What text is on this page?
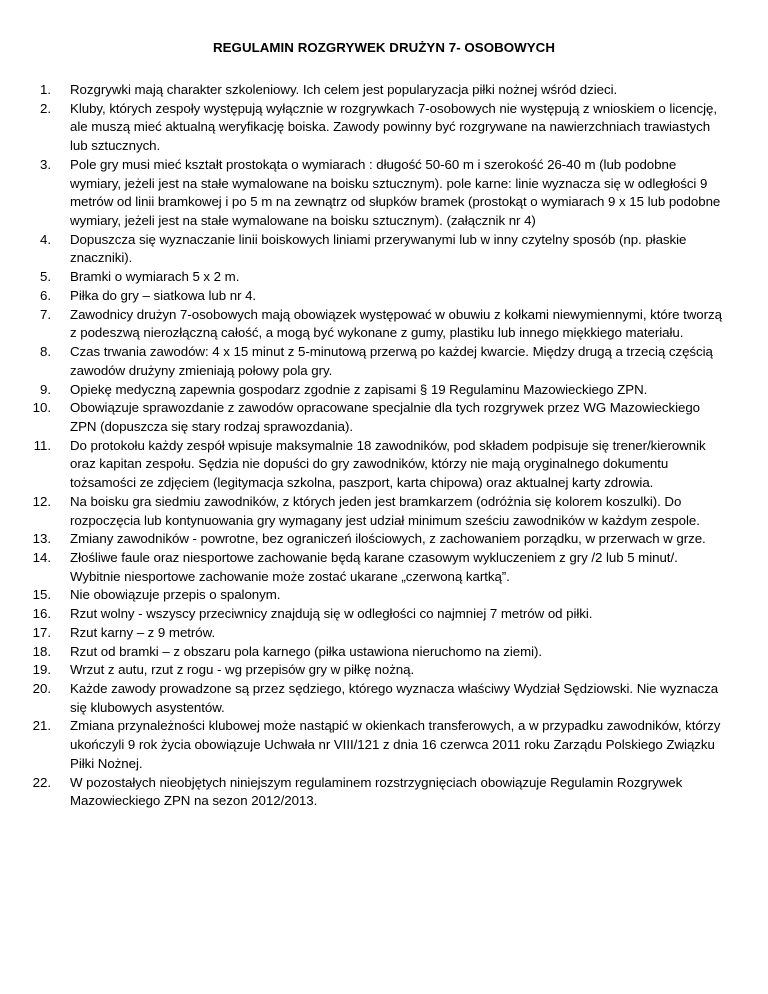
REGULAMIN ROZGRYWEK DRUŻYN 7- OSOBOWYCH
1. Rozgrywki mają charakter szkoleniowy. Ich celem jest popularyzacja piłki nożnej wśród dzieci.
2. Kluby, których zespoły występują wyłącznie w rozgrywkach 7-osobowych nie występują z wnioskiem o licencję, ale muszą mieć aktualną weryfikację boiska. Zawody powinny być rozgrywane na nawierzchniach trawiastych lub sztucznych.
3. Pole gry musi mieć kształt prostokąta o wymiarach : długość 50-60 m i szerokość 26-40 m (lub podobne wymiary, jeżeli jest na stałe wymalowane na boisku sztucznym). pole karne: linie wyznacza się w odległości 9 metrów od linii bramkowej i po 5 m na zewnątrz od słupków bramek (prostokąt o wymiarach 9 x 15 lub podobne wymiary, jeżeli jest na stałe wymalowane na boisku sztucznym). (załącznik nr 4)
4. Dopuszcza się wyznaczanie linii boiskowych liniami przerywanymi lub w inny czytelny sposób (np. płaskie znaczniki).
5. Bramki o wymiarach 5 x 2 m.
6. Piłka do gry – siatkowa lub nr 4.
7. Zawodnicy drużyn 7-osobowych mają obowiązek występować w obuwiu z kołkami niewymiennymi, które tworzą z podeszwą nierozłączną całość, a mogą być wykonane z gumy, plastiku lub innego miękkiego materiału.
8. Czas trwania zawodów: 4 x 15 minut z 5-minutową przerwą po każdej kwarcie. Między drugą a trzecią częścią zawodów drużyny zmieniają połowy pola gry.
9. Opiekę medyczną zapewnia gospodarz zgodnie z zapisami § 19 Regulaminu Mazowieckiego ZPN.
10. Obowiązuje sprawozdanie z zawodów opracowane specjalnie dla tych rozgrywek przez WG Mazowieckiego ZPN (dopuszcza się stary rodzaj sprawozdania).
11. Do protokołu każdy zespół wpisuje maksymalnie 18 zawodników, pod składem podpisuje się trener/kierownik oraz kapitan zespołu. Sędzia nie dopuści do gry zawodników, którzy nie mają oryginalnego dokumentu tożsamości ze zdjęciem (legitymacja szkolna, paszport, karta chipowa) oraz aktualnej karty zdrowia.
12. Na boisku gra siedmiu zawodników, z których jeden jest bramkarzem (odróżnia się kolorem koszulki). Do rozpoczęcia lub kontynuowania gry wymagany jest udział minimum sześciu zawodników w każdym zespole.
13. Zmiany zawodników - powrotne, bez ograniczeń ilościowych, z zachowaniem porządku, w przerwach w grze.
14. Złośliwe faule oraz niesportowe zachowanie będą karane czasowym wykluczeniem z gry /2 lub 5 minut/. Wybitnie niesportowe zachowanie może zostać ukarane „czerwoną kartką”.
15. Nie obowiązuje przepis o spalonym.
16. Rzut wolny - wszyscy przeciwnicy znajdują się w odległości co najmniej 7 metrów od piłki.
17. Rzut karny – z 9 metrów.
18. Rzut od bramki – z obszaru pola karnego (piłka ustawiona nieruchomo na ziemi).
19. Wrzut z autu, rzut z rogu - wg przepisów gry w piłkę nożną.
20. Każde zawody prowadzone są przez sędziego, którego wyznacza właściwy Wydział Sędziowski. Nie wyznacza się klubowych asystentów.
21. Zmiana przynależności klubowej może nastąpić w okienkach transferowych, a w przypadku zawodników, którzy ukończyli 9 rok życia obowiązuje Uchwała nr VIII/121 z dnia 16 czerwca 2011 roku Zarządu Polskiego Związku Piłki Nożnej.
22. W pozostałych nieobjętych niniejszym regulaminem rozstrzygnięciach obowiązuje Regulamin Rozgrywek Mazowieckiego ZPN na sezon 2012/2013.
